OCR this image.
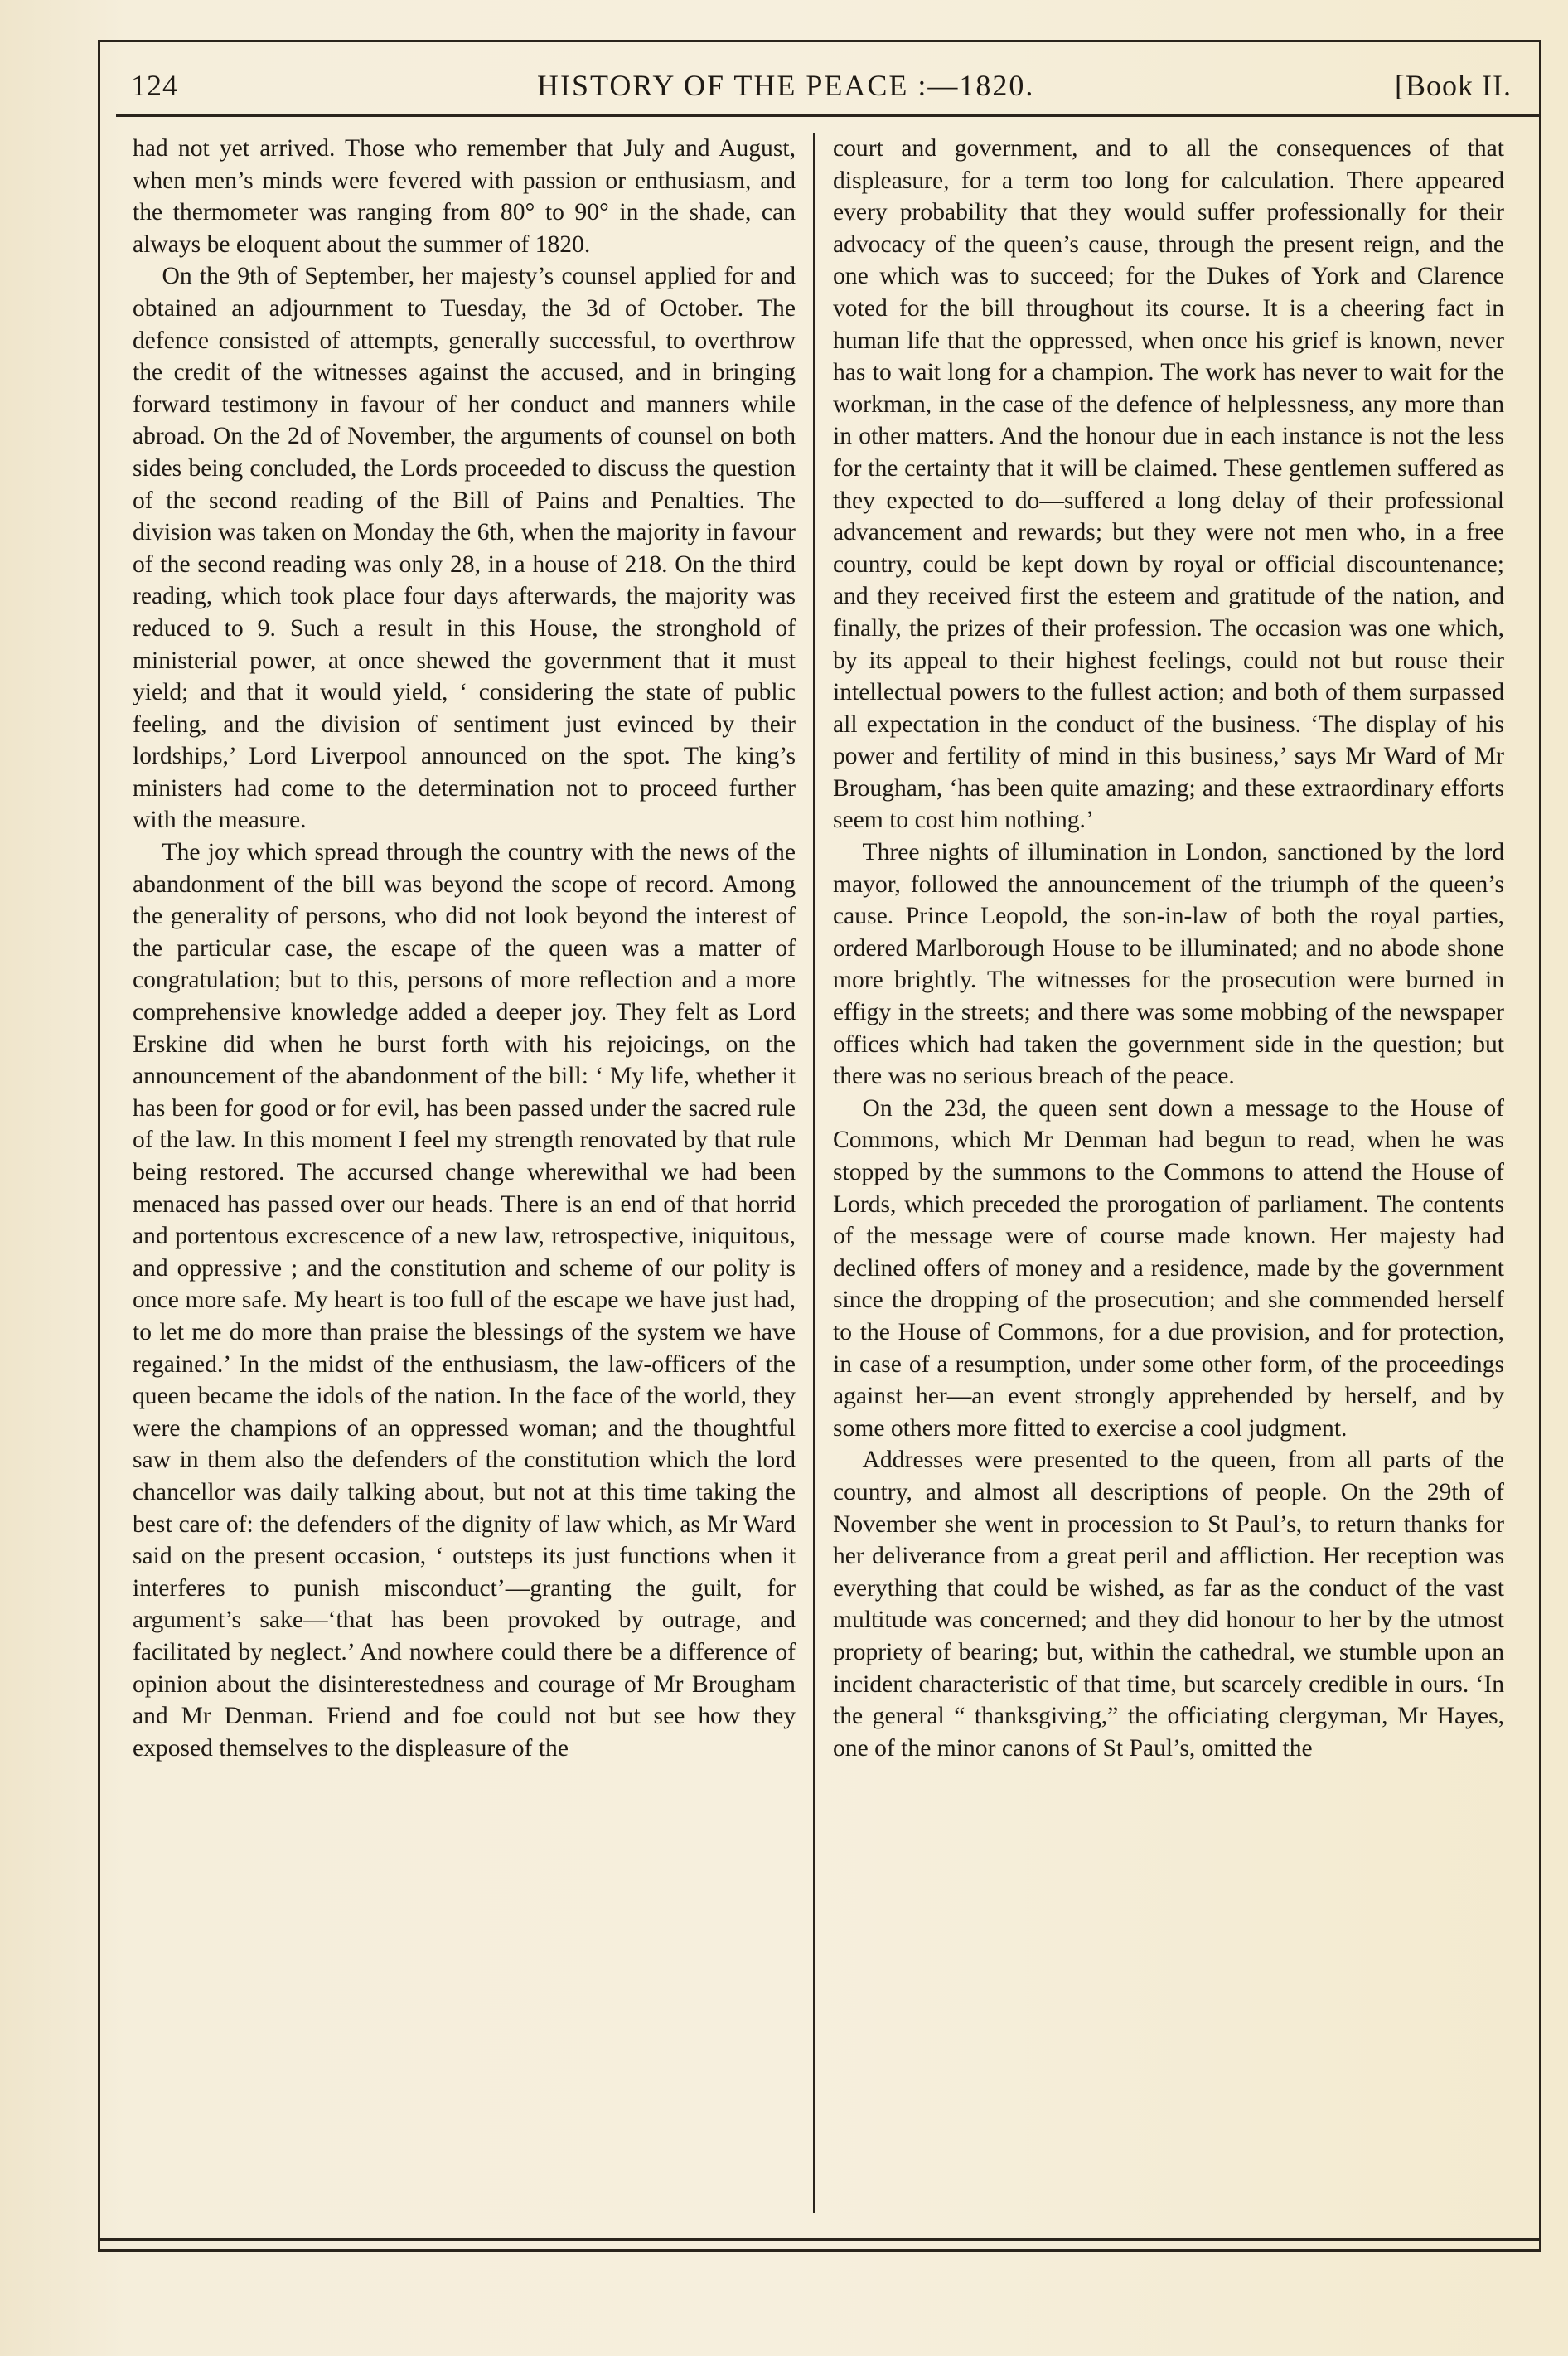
124	HISTORY OF THE PEACE :—1820.	[Book II.

had not yet arrived. Those who remember that July and August, when men’s minds were fevered with passion or enthusiasm, and the thermometer was ranging from 80° to 90° in the shade, can always be eloquent about the summer of 1820.

On the 9th of September, her majesty’s counsel applied for and obtained an adjournment to Tuesday, the 3d of October. The defence consisted of attempts, generally successful, to overthrow the credit of the witnesses against the accused, and in bringing forward testimony in favour of her conduct and manners while abroad. On the 2d of November, the arguments of counsel on both sides being concluded, the Lords proceeded to discuss the question of the second reading of the Bill of Pains and Penalties. The division was taken on Monday the 6th, when the majority in favour of the second reading was only 28, in a house of 218. On the third reading, which took place four days afterwards, the majority was reduced to 9. Such a result in this House, the stronghold of ministerial power, at once shewed the government that it must yield; and that it would yield, ‘ considering the state of public feeling, and the division of sentiment just evinced by their lordships,’ Lord Liverpool announced on the spot. The king’s ministers had come to the determination not to proceed further with the measure.

The joy which spread through the country with the news of the abandonment of the bill was beyond the scope of record. Among the generality of persons, who did not look beyond the interest of the particular case, the escape of the queen was a matter of congratulation; but to this, persons of more reflection and a more comprehensive knowledge added a deeper joy. They felt as Lord Erskine did when he burst forth with his rejoicings, on the announcement of the abandonment of the bill: ‘ My life, whether it has been for good or for evil, has been passed under the sacred rule of the law. In this moment I feel my strength renovated by that rule being restored. The accursed change wherewithal we had been menaced has passed over our heads. There is an end of that horrid and portentous excrescence of a new law, retrospective, iniquitous, and oppressive ; and the constitution and scheme of our polity is once more safe. My heart is too full of the escape we have just had, to let me do more than praise the blessings of the system we have regained.’ In the midst of the enthusiasm, the law-officers of the queen became the idols of the nation. In the face of the world, they were the champions of an oppressed woman; and the thoughtful saw in them also the defenders of the constitution which the lord chancellor was daily talking about, but not at this time taking the best care of: the defenders of the dignity of law which, as Mr Ward said on the present occasion, ‘ outsteps its just functions when it interferes to punish misconduct’—granting the guilt, for argument’s sake—‘that has been provoked by outrage, and facilitated by neglect.’ And nowhere could there be a difference of opinion about the disinterestedness and courage of Mr Brougham and Mr Denman. Friend and foe could not but see how they exposed themselves to the displeasure of the

court and government, and to all the consequences of that displeasure, for a term too long for calculation. There appeared every probability that they would suffer professionally for their advocacy of the queen’s cause, through the present reign, and the one which was to succeed; for the Dukes of York and Clarence voted for the bill throughout its course. It is a cheering fact in human life that the oppressed, when once his grief is known, never has to wait long for a champion. The work has never to wait for the workman, in the case of the defence of helplessness, any more than in other matters. And the honour due in each instance is not the less for the certainty that it will be claimed. These gentlemen suffered as they expected to do—suffered a long delay of their professional advancement and rewards; but they were not men who, in a free country, could be kept down by royal or official discountenance; and they received first the esteem and gratitude of the nation, and finally, the prizes of their profession. The occasion was one which, by its appeal to their highest feelings, could not but rouse their intellectual powers to the fullest action; and both of them surpassed all expectation in the conduct of the business. ‘The display of his power and fertility of mind in this business,’ says Mr Ward of Mr Brougham, ‘has been quite amazing; and these extraordinary efforts seem to cost him nothing.’

Three nights of illumination in London, sanctioned by the lord mayor, followed the announcement of the triumph of the queen’s cause. Prince Leopold, the son-in-law of both the royal parties, ordered Marlborough House to be illuminated; and no abode shone more brightly. The witnesses for the prosecution were burned in effigy in the streets; and there was some mobbing of the newspaper offices which had taken the government side in the question; but there was no serious breach of the peace.

On the 23d, the queen sent down a message to the House of Commons, which Mr Denman had begun to read, when he was stopped by the summons to the Commons to attend the House of Lords, which preceded the prorogation of parliament. The contents of the message were of course made known. Her majesty had declined offers of money and a residence, made by the government since the dropping of the prosecution; and she commended herself to the House of Commons, for a due provision, and for protection, in case of a resumption, under some other form, of the proceedings against her—an event strongly apprehended by herself, and by some others more fitted to exercise a cool judgment.

Addresses were presented to the queen, from all parts of the country, and almost all descriptions of people. On the 29th of November she went in procession to St Paul’s, to return thanks for her deliverance from a great peril and affliction. Her reception was everything that could be wished, as far as the conduct of the vast multitude was concerned; and they did honour to her by the utmost propriety of bearing; but, within the cathedral, we stumble upon an incident characteristic of that time, but scarcely credible in ours. ‘In the general “ thanksgiving,” the officiating clergyman, Mr Hayes, one of the minor canons of St Paul’s, omitted the
